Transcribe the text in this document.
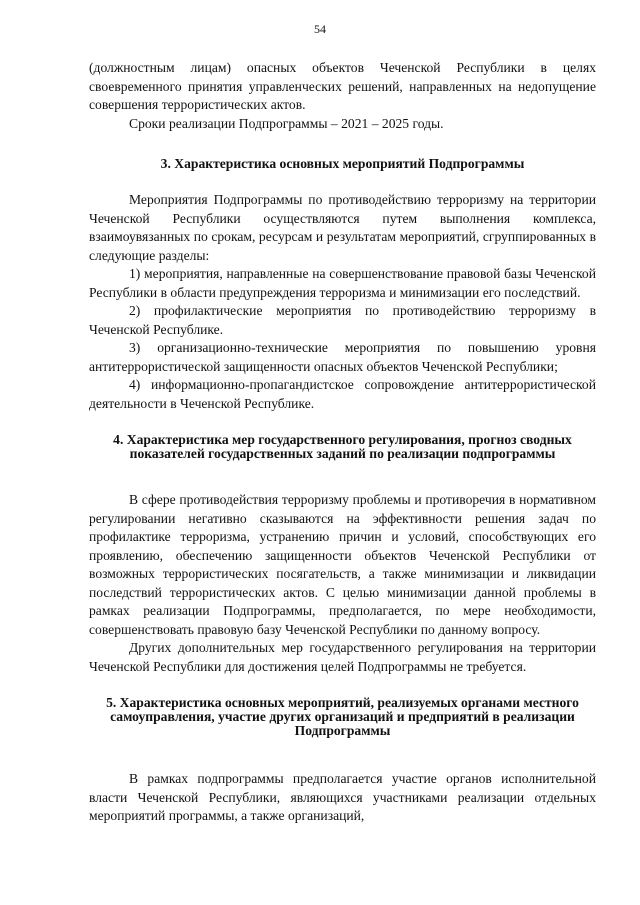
54

(должностным лицам) опасных объектов Чеченской Республики в целях своевременного принятия управленческих решений, направленных на недопущение совершения террористических актов.

Сроки реализации Подпрограммы – 2021 – 2025 годы.

3. Характеристика основных мероприятий Подпрограммы

Мероприятия Подпрограммы по противодействию терроризму на территории Чеченской Республики осуществляются путем выполнения комплекса, взаимоувязанных по срокам, ресурсам и результатам мероприятий, сгруппированных в следующие разделы:

1) мероприятия, направленные на совершенствование правовой базы Чеченской Республики в области предупреждения терроризма и минимизации его последствий.

2) профилактические мероприятия по противодействию терроризму в Чеченской Республике.

3) организационно-технические мероприятия по повышению уровня антитеррористической защищенности опасных объектов Чеченской Республики;

4) информационно-пропагандистское сопровождение антитеррористической деятельности в Чеченской Республике.

4. Характеристика мер государственного регулирования, прогноз сводных показателей государственных заданий по реализации подпрограммы

В сфере противодействия терроризму проблемы и противоречия в нормативном регулировании негативно сказываются на эффективности решения задач по профилактике терроризма, устранению причин и условий, способствующих его проявлению, обеспечению защищенности объектов Чеченской Республики от возможных террористических посягательств, а также минимизации и ликвидации последствий террористических актов. С целью минимизации данной проблемы в рамках реализации Подпрограммы, предполагается, по мере необходимости, совершенствовать правовую базу Чеченской Республики по данному вопросу.

Других дополнительных мер государственного регулирования на территории Чеченской Республики для достижения целей Подпрограммы не требуется.

5. Характеристика основных мероприятий, реализуемых органами местного самоуправления, участие других организаций и предприятий в реализации Подпрограммы

В рамках подпрограммы предполагается участие органов исполнительной власти Чеченской Республики, являющихся участниками реализации отдельных мероприятий программы, а также организаций,
